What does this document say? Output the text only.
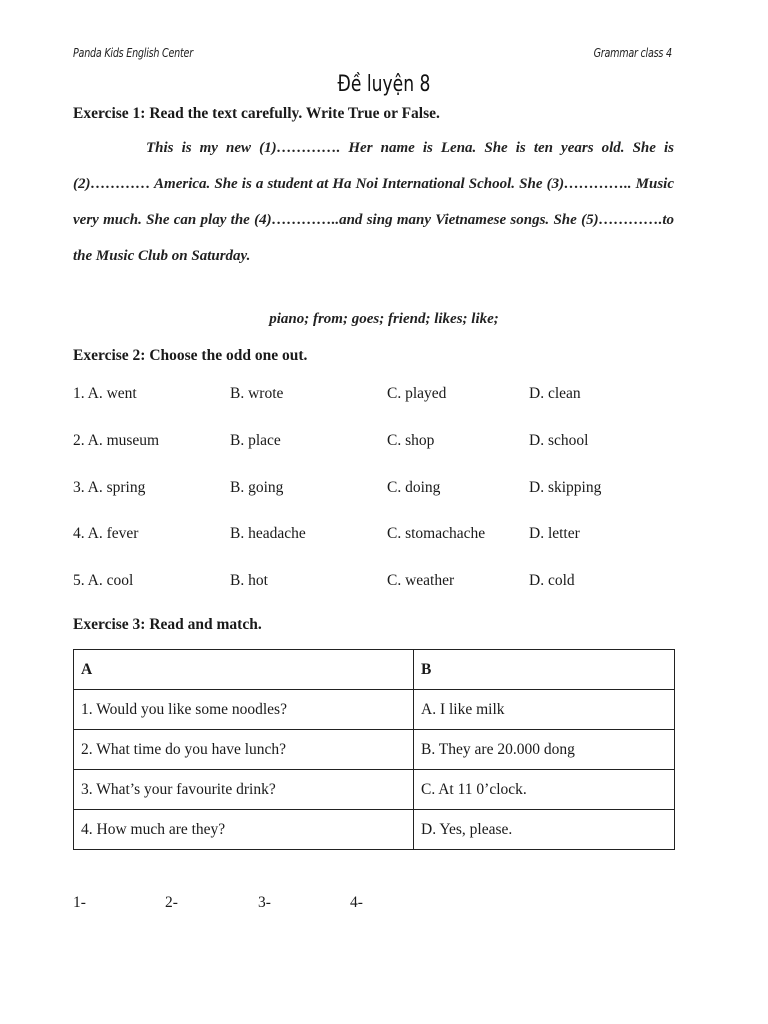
Panda Kids English Center	Grammar class 4
Đề luyện 8
Exercise 1: Read the text carefully. Write True or False.
This is my new (1)…………. Her name is Lena. She is ten years old. She is (2)………… America. She is a student at Ha Noi International School. She (3)………….. Music very much. She can play the (4)…………..and sing many Vietnamese songs. She (5)………….to the Music Club on Saturday.
piano; from; goes; friend; likes; like;
Exercise 2: Choose the odd one out.
1. A. went	B. wrote	C. played	D. clean
2. A. museum	B. place	C. shop	D. school
3. A. spring	B. going	C. doing	D. skipping
4. A. fever	B. headache	C. stomachache	D. letter
5. A. cool	B. hot	C. weather	D. cold
Exercise 3: Read and match.
A	B
1. Would you like some noodles?	A. I like milk
2. What time do you have lunch?	B. They are 20.000 dong
3. What’s your favourite drink?	C. At 11 0’clock.
4. How much are they?	D. Yes, please.
1-	2-	3-	4-
